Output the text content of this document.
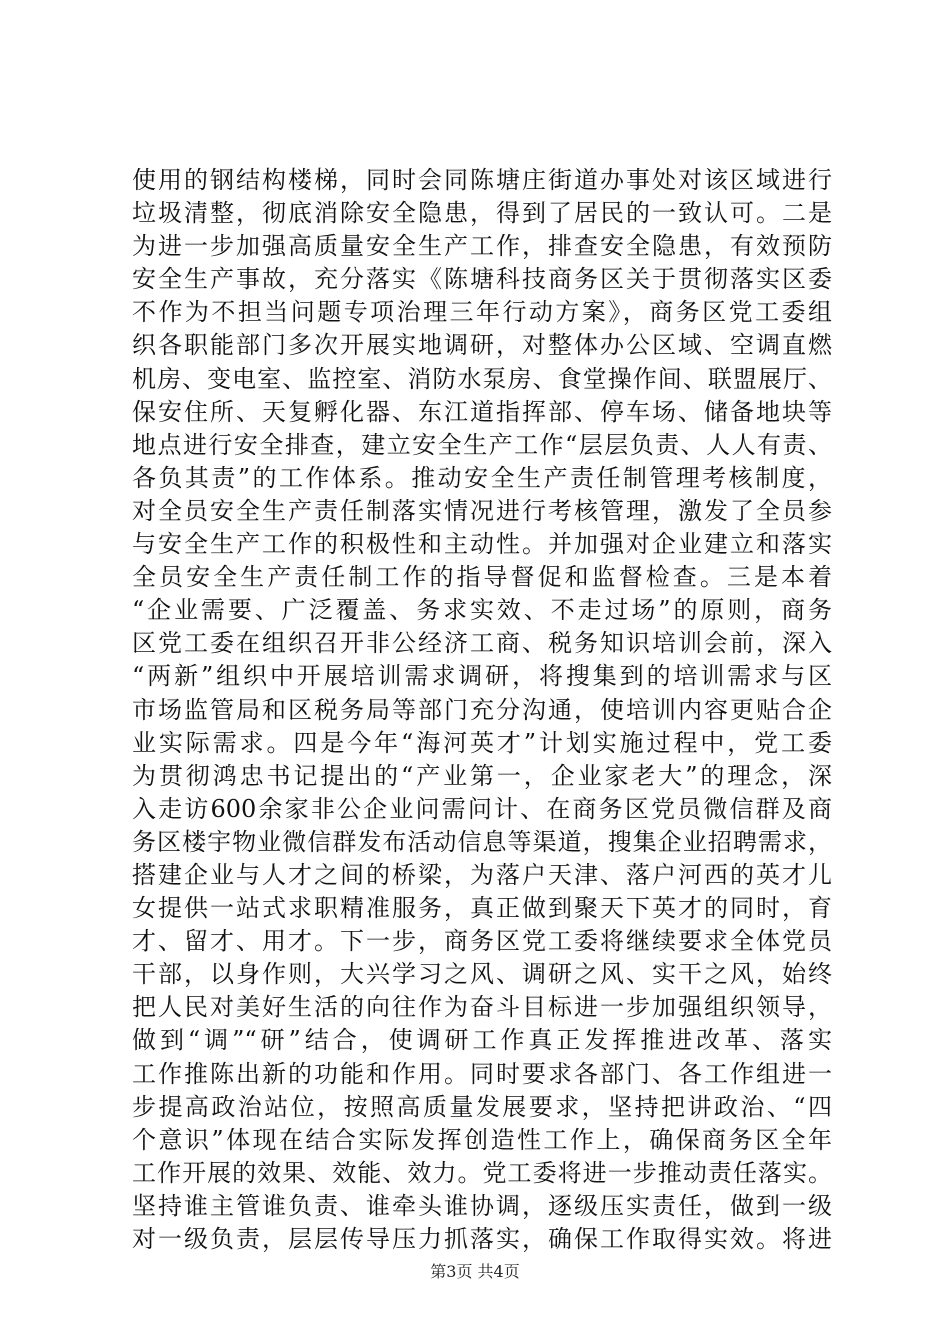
使用的钢结构楼梯，同时会同陈塘庄街道办事处对该区域进行
垃圾清整，彻底消除安全隐患，得到了居民的一致认可。二是
为进一步加强高质量安全生产工作，排查安全隐患，有效预防
安全生产事故，充分落实《陈塘科技商务区关于贯彻落实区委
不作为不担当问题专项治理三年行动方案》，商务区党工委组
织各职能部门多次开展实地调研，对整体办公区域、空调直燃
机房、变电室、监控室、消防水泵房、食堂操作间、联盟展厅、
保安住所、天复孵化器、东江道指挥部、停车场、储备地块等
地点进行安全排查，建立安全生产工作“层层负责、人人有责、
各负其责”的工作体系。推动安全生产责任制管理考核制度，
对全员安全生产责任制落实情况进行考核管理，激发了全员参
与安全生产工作的积极性和主动性。并加强对企业建立和落实
全员安全生产责任制工作的指导督促和监督检查。三是本着
“企业需要、广泛覆盖、务求实效、不走过场”的原则，商务
区党工委在组织召开非公经济工商、税务知识培训会前，深入
“两新”组织中开展培训需求调研，将搜集到的培训需求与区
市场监管局和区税务局等部门充分沟通，使培训内容更贴合企
业实际需求。四是今年“海河英才”计划实施过程中，党工委
为贯彻鸿忠书记提出的“产业第一，企业家老大”的理念，深
入走访600余家非公企业问需问计、在商务区党员微信群及商
务区楼宇物业微信群发布活动信息等渠道，搜集企业招聘需求，
搭建企业与人才之间的桥梁，为落户天津、落户河西的英才儿
女提供一站式求职精准服务，真正做到聚天下英才的同时，育
才、留才、用才。下一步，商务区党工委将继续要求全体党员
干部，以身作则，大兴学习之风、调研之风、实干之风，始终
把人民对美好生活的向往作为奋斗目标进一步加强组织领导，
做到“调”“研”结合，使调研工作真正发挥推进改革、落实
工作推陈出新的功能和作用。同时要求各部门、各工作组进一
步提高政治站位，按照高质量发展要求，坚持把讲政治、“四
个意识”体现在结合实际发挥创造性工作上，确保商务区全年
工作开展的效果、效能、效力。党工委将进一步推动责任落实。
坚持谁主管谁负责、谁牵头谁协调，逐级压实责任，做到一级
对一级负责，层层传导压力抓落实，确保工作取得实效。将进
第3页 共4页
